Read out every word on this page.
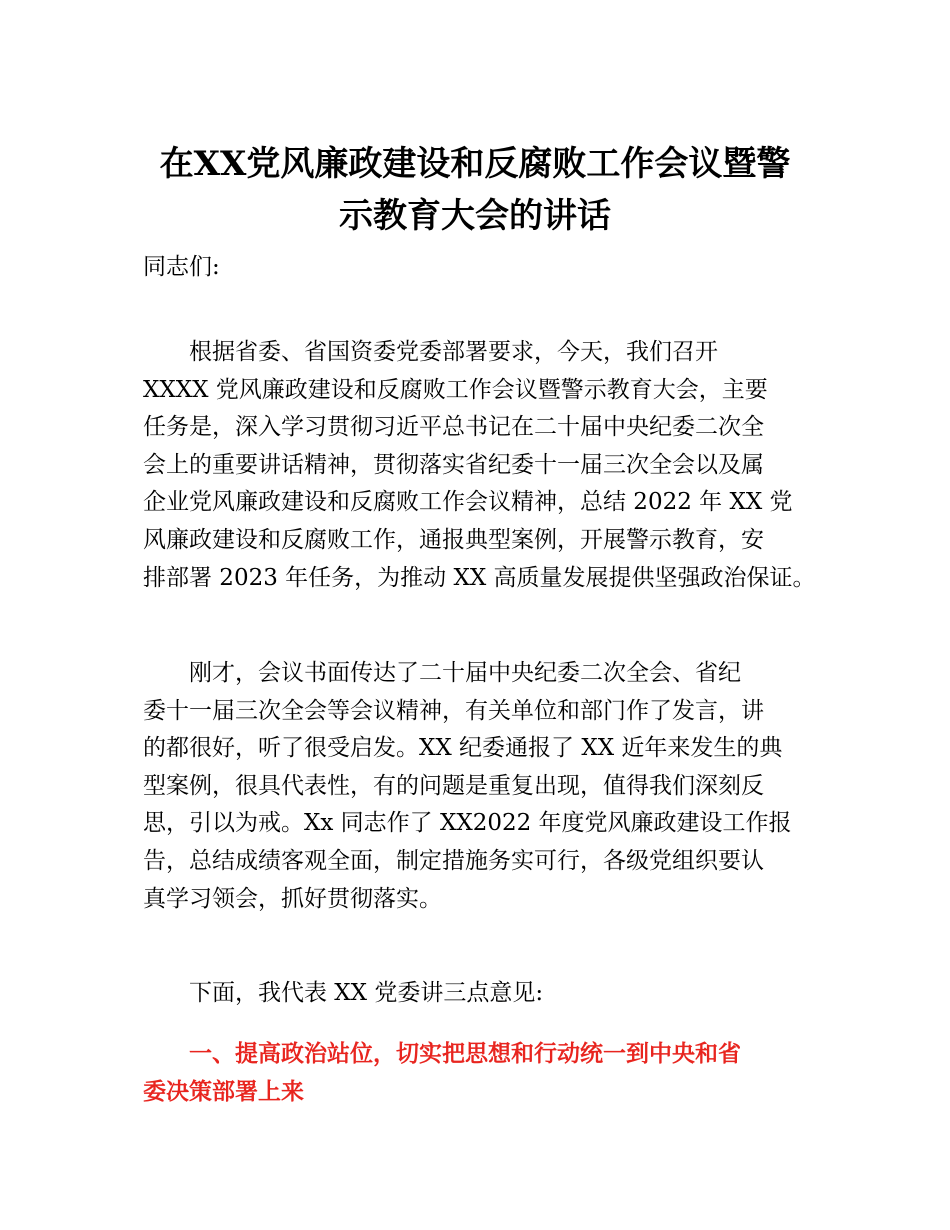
在XX党风廉政建设和反腐败工作会议暨警
示教育大会的讲话

同志们:

　　根据省委、省国资委党委部署要求，今天，我们召开
XXXX 党风廉政建设和反腐败工作会议暨警示教育大会，主要
任务是，深入学习贯彻习近平总书记在二十届中央纪委二次全
会上的重要讲话精神，贯彻落实省纪委十一届三次全会以及属
企业党风廉政建设和反腐败工作会议精神，总结 2022 年 XX 党
风廉政建设和反腐败工作，通报典型案例，开展警示教育，安
排部署 2023 年任务，为推动 XX 高质量发展提供坚强政治保证。

　　刚才，会议书面传达了二十届中央纪委二次全会、省纪
委十一届三次全会等会议精神，有关单位和部门作了发言，讲
的都很好，听了很受启发。XX 纪委通报了 XX 近年来发生的典
型案例，很具代表性，有的问题是重复出现，值得我们深刻反
思，引以为戒。Xx 同志作了 XX2022 年度党风廉政建设工作报
告，总结成绩客观全面，制定措施务实可行，各级党组织要认
真学习领会，抓好贯彻落实。

　　下面，我代表 XX 党委讲三点意见:

　　一、提高政治站位，切实把思想和行动统一到中央和省
委决策部署上来
